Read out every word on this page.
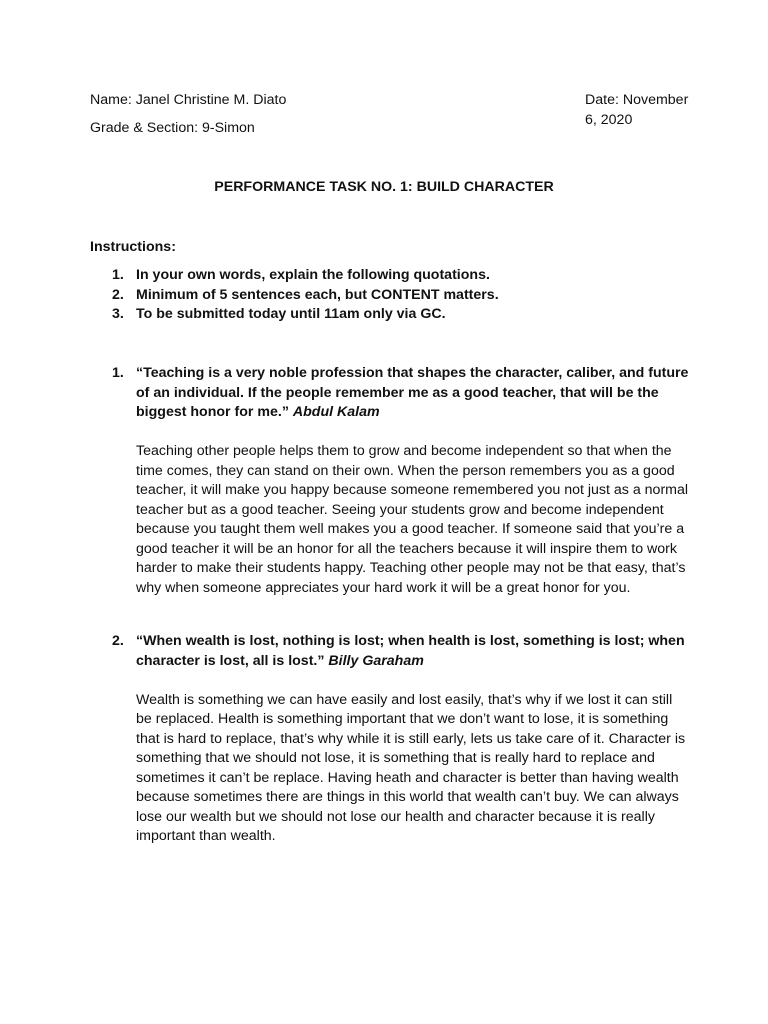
Name: Janel Christine M. Diato	Date: November 6, 2020
Grade & Section: 9-Simon
PERFORMANCE TASK NO. 1: BUILD CHARACTER
Instructions:
1. In your own words, explain the following quotations.
2. Minimum of 5 sentences each, but CONTENT matters.
3. To be submitted today until 11am only via GC.
1. “Teaching is a very noble profession that shapes the character, caliber, and future of an individual. If the people remember me as a good teacher, that will be the biggest honor for me.” Abdul Kalam
Teaching other people helps them to grow and become independent so that when the time comes, they can stand on their own. When the person remembers you as a good teacher, it will make you happy because someone remembered you not just as a normal teacher but as a good teacher. Seeing your students grow and become independent because you taught them well makes you a good teacher. If someone said that you’re a good teacher it will be an honor for all the teachers because it will inspire them to work harder to make their students happy. Teaching other people may not be that easy, that’s why when someone appreciates your hard work it will be a great honor for you.
2. “When wealth is lost, nothing is lost; when health is lost, something is lost; when character is lost, all is lost.” Billy Garaham
Wealth is something we can have easily and lost easily, that’s why if we lost it can still be replaced. Health is something important that we don’t want to lose, it is something that is hard to replace, that’s why while it is still early, lets us take care of it. Character is something that we should not lose, it is something that is really hard to replace and sometimes it can’t be replace. Having heath and character is better than having wealth because sometimes there are things in this world that wealth can’t buy. We can always lose our wealth but we should not lose our health and character because it is really important than wealth.
